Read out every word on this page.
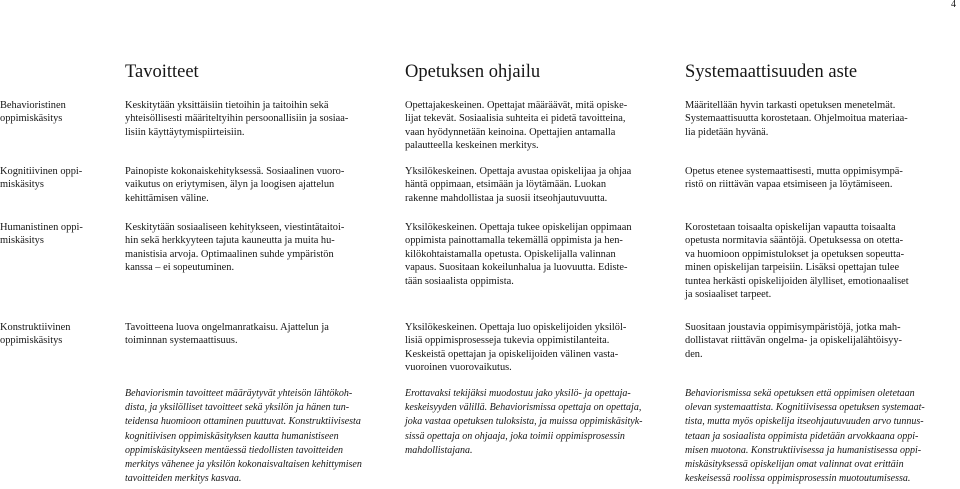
4
Tavoitteet	Opetuksen ohjailu	Systemaattisuuden aste
Behavioristinen
oppimiskäsitys
Keskitytään yksittäisiin tietoihin ja taitoihin sekä
yhteisöllisesti määriteltyihin persoonallisiin ja sosiaa-
lisiin käyttäytymispiirteisiin.
Opettajakeskeinen. Opettajat määräävät, mitä opiske-
lijat tekevät. Sosiaalisia suhteita ei pidetä tavoitteina,
vaan hyödynnetään keinoina. Opettajien antamalla
palautteella keskeinen merkitys.
Määritellään hyvin tarkasti opetuksen menetelmät.
Systemaattisuutta korostetaan. Ohjelmoitua materiaa-
lia pidetään hyvänä.
Kognitiivinen oppi-
miskäsitys
Painopiste kokonaiskehityksessä. Sosiaalinen vuoro-
vaikutus on eriytymisen, älyn ja loogisen ajattelun
kehittämisen väline.
Yksilökeskeinen. Opettaja avustaa opiskelijaa ja ohjaa
häntä oppimaan, etsimään ja löytämään. Luokan
rakenne mahdollistaa ja suosii itseohjautuvuutta.
Opetus etenee systemaattisesti, mutta oppimisympä-
ristö on riittävän vapaa etsimiseen ja löytämiseen.
Humanistinen oppi-
miskäsitys
Keskitytään sosiaaliseen kehitykseen, viestintätaitoi-
hin sekä herkkyyteen tajuta kauneutta ja muita hu-
manistisia arvoja. Optimaalinen suhde ympäristön
kanssa – ei sopeutuminen.
Yksilökeskeinen. Opettaja tukee opiskelijan oppimaan
oppimista painottamalla tekemällä oppimista ja hen-
kilökohtaistamalla opetusta. Opiskelijalla valinnan
vapaus. Suositaan kokeilunhalua ja luovuutta. Ediste-
tään sosiaalista oppimista.
Korostetaan toisaalta opiskelijan vapautta toisaalta
opetusta normitavia sääntöjä. Opetuksessa on otetta-
va huomioon oppimistulokset ja opetuksen sopeutta-
minen opiskelijan tarpeisiin. Lisäksi opettajan tulee
tuntea herkästi opiskelijoiden älylliset, emotionaaliset
ja sosiaaliset tarpeet.
Konstruktiivinen
oppimiskäsitys
Tavoitteena luova ongelmanratkaisu. Ajattelun ja
toiminnan systemaattisuus.
Yksilökeskeinen. Opettaja luo opiskelijoiden yksilöl-
lisiä oppimisprosesseja tukevia oppimistilanteita.
Keskeistä opettajan ja opiskelijoiden välinen vasta-
vuoroinen vuorovaikutus.
Suositaan joustavia oppimisympäristöjä, jotka mah-
dollistavat riittävän ongelma- ja opiskelijalähtöisyy-
den.
Behaviorismin tavoitteet määräytyvät yhteisön lähtökoh-
dista, ja yksilölliset tavoitteet sekä yksilön ja hänen tun-
teidensa huomioon ottaminen puuttuvat. Konstruktiivisesta
kognitiivisen oppimiskäsityksen kautta humanistiseen
oppimiskäsitykseen mentäessä tiedollisten tavoitteiden
merkitys vähenee ja yksilön kokonaisvaltaisen kehittymisen
tavoitteiden merkitys kasvaa.
Erottavaksi tekijäksi muodostuu jako yksilö- ja opettaja-
keskeisyyden välillä. Behaviorismissa opettaja on opettaja,
joka vastaa opetuksen tuloksista, ja muissa oppimiskäsityk-
sissä opettaja on ohjaaja, joka toimii oppimisprosessin
mahdollistajana.
Behaviorismissa sekä opetuksen että oppimisen oletetaan
olevan systemaattista. Kognitiivisessa opetuksen systemaat-
tista, mutta myös opiskelija itseohjautuvuuden arvo tunnus-
tetaan ja sosiaalista oppimista pidetään arvokkaana oppi-
misen muotona. Konstruktiivisessa ja humanistisessa oppi-
miskäsityksessä opiskelijan omat valinnat ovat erittäin
keskeisessä roolissa oppimisprosessin muotoutumisessa.
